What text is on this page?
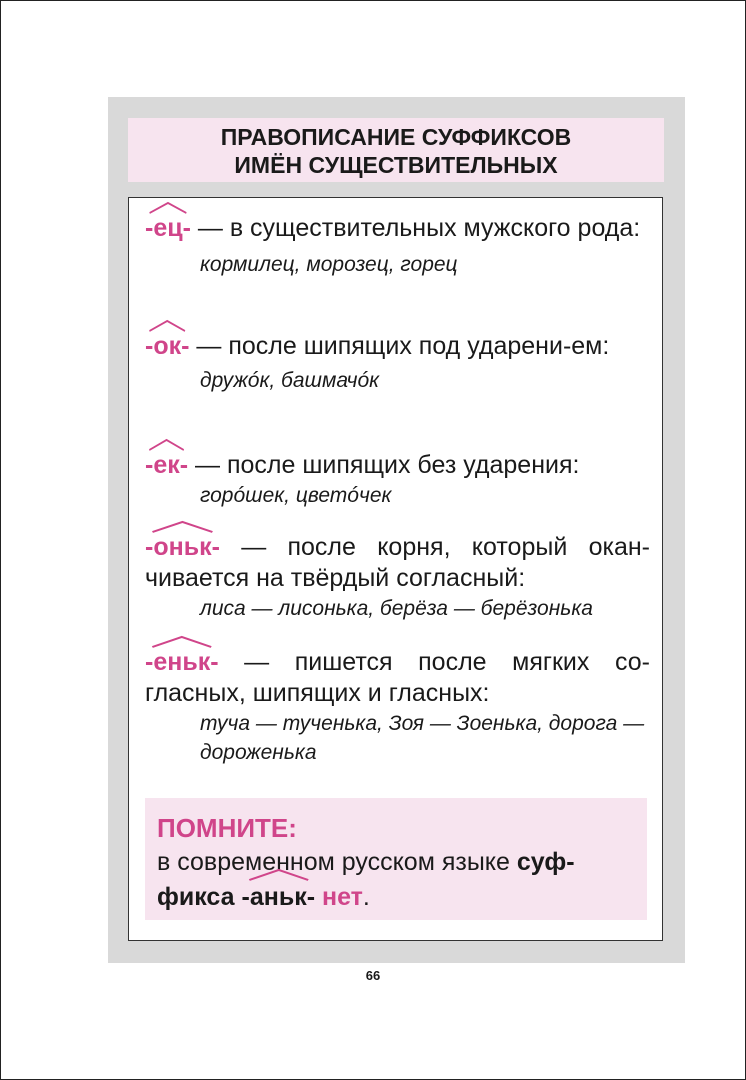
ПРАВОПИСАНИЕ СУФФИКСОВ
ИМЁН СУЩЕСТВИТЕЛЬНЫХ

-ец- — в существительных мужского рода:

кормилец, морозец, горец

-ок- — после шипящих под ударени-ем:

дружóк, башмачóк

-ек- — после шипящих без ударения:

горóшек, цветóчек

-оньк- — после корня, который окан-чивается на твёрдый согласный:

лиса — лисонька, берёза — берёзонька

-еньк- — пишется после мягких со-гласных, шипящих и гласных:

туча — тученька, Зоя — Зоенька, дорога — дороженька

ПОМНИТЕ:
в современном русском языке суф-фикса -аньк- нет.
66
